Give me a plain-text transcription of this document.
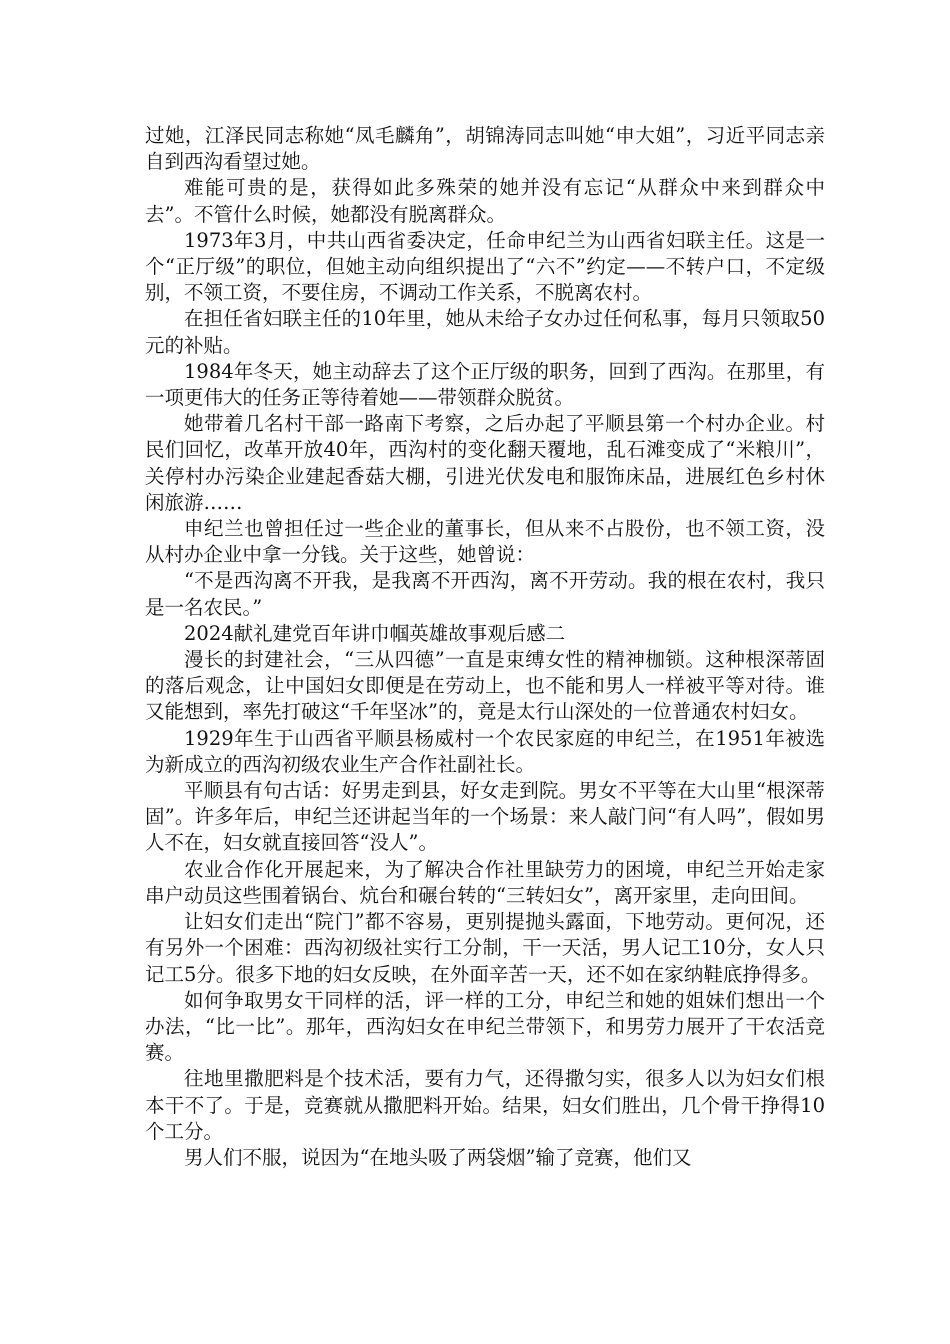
过她，江泽民同志称她“凤毛麟角”，胡锦涛同志叫她“申大姐”，习近平同志亲自到西沟看望过她。

难能可贵的是，获得如此多殊荣的她并没有忘记“从群众中来到群众中去”。不管什么时候，她都没有脱离群众。

1973年3月，中共山西省委决定，任命申纪兰为山西省妇联主任。这是一个“正厅级”的职位，但她主动向组织提出了“六不”约定——不转户口，不定级别，不领工资，不要住房，不调动工作关系，不脱离农村。

在担任省妇联主任的10年里，她从未给子女办过任何私事，每月只领取50元的补贴。

1984年冬天，她主动辞去了这个正厅级的职务，回到了西沟。在那里，有一项更伟大的任务正等待着她——带领群众脱贫。

她带着几名村干部一路南下考察，之后办起了平顺县第一个村办企业。村民们回忆，改革开放40年，西沟村的变化翻天覆地，乱石滩变成了“米粮川”，关停村办污染企业建起香菇大棚，引进光伏发电和服饰床品，进展红色乡村休闲旅游……

申纪兰也曾担任过一些企业的董事长，但从来不占股份，也不领工资，没从村办企业中拿一分钱。关于这些，她曾说：

“不是西沟离不开我，是我离不开西沟，离不开劳动。我的根在农村，我只是一名农民。”

2024献礼建党百年讲巾帼英雄故事观后感二

漫长的封建社会，“三从四德”一直是束缚女性的精神枷锁。这种根深蒂固的落后观念，让中国妇女即便是在劳动上，也不能和男人一样被平等对待。谁又能想到，率先打破这“千年坚冰”的，竟是太行山深处的一位普通农村妇女。

1929年生于山西省平顺县杨威村一个农民家庭的申纪兰，在1951年被选为新成立的西沟初级农业生产合作社副社长。

平顺县有句古话：好男走到县，好女走到院。男女不平等在大山里“根深蒂固”。许多年后，申纪兰还讲起当年的一个场景：来人敲门问“有人吗”，假如男人不在，妇女就直接回答“没人”。

农业合作化开展起来，为了解决合作社里缺劳力的困境，申纪兰开始走家串户动员这些围着锅台、炕台和碾台转的“三转妇女”，离开家里，走向田间。

让妇女们走出“院门”都不容易，更别提抛头露面，下地劳动。更何况，还有另外一个困难：西沟初级社实行工分制，干一天活，男人记工10分，女人只记工5分。很多下地的妇女反映，在外面辛苦一天，还不如在家纳鞋底挣得多。

如何争取男女干同样的活，评一样的工分，申纪兰和她的姐妹们想出一个办法，“比一比”。那年，西沟妇女在申纪兰带领下，和男劳力展开了干农活竞赛。

往地里撒肥料是个技术活，要有力气，还得撒匀实，很多人以为妇女们根本干不了。于是，竞赛就从撒肥料开始。结果，妇女们胜出，几个骨干挣得10个工分。

男人们不服，说因为“在地头吸了两袋烟”输了竞赛，他们又
